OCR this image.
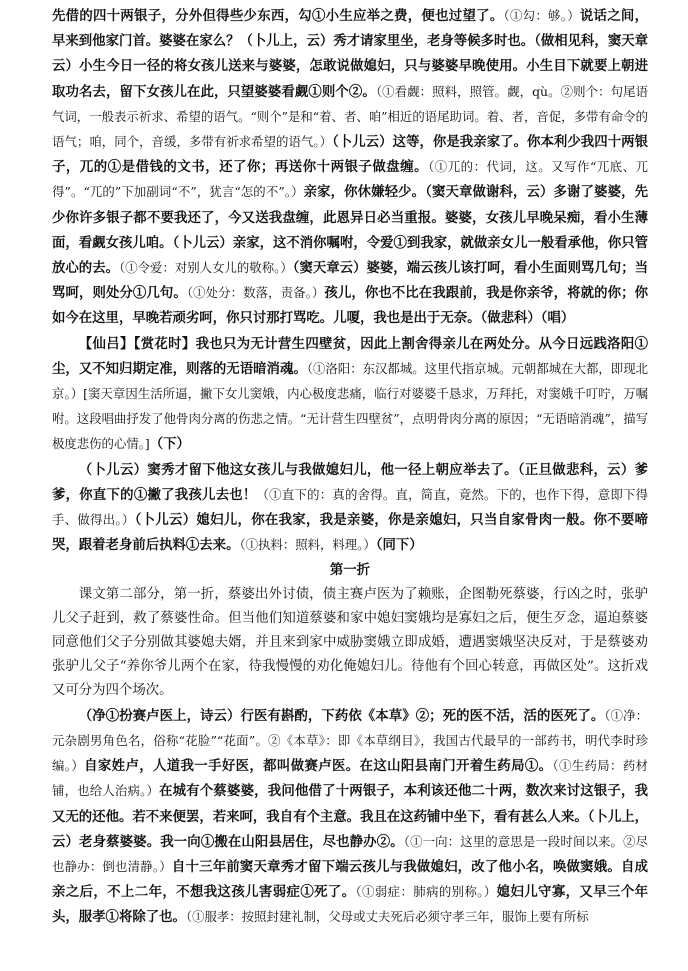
先借的四十两银子，分外但得些少东西，勾①小生应举之费，便也过望了。（①勾：够。）说话之间，早来到他家门首。婆婆在家么？（卜儿上，云）秀才请家里坐，老身等候多时也。（做相见科，窦天章云）小生今日一径的将女孩儿送来与婆婆，怎敢说做媳妇，只与婆婆早晚使用。小生目下就要上朝进取功名去，留下女孩儿在此，只望婆婆看觑①则个②。（①看觑：照料，照管。觑，qù。②则个：句尾语气词，一般表示祈求、希望的语气。“则个”是和“着、者、咱”相近的语尾助词。着、者，音促，多带有命令的语气；咱，同个，音缓，多带有祈求希望的语气。）（卜儿云）这等，你是我亲家了。你本利少我四十两银子，兀的①是借钱的文书，还了你；再送你十两银子做盘缠。（①兀的：代词，这。又写作“兀底、兀得”。“兀的”下加副词“不”，犹言“怎的不”。）亲家，你休嫌轻少。（窦天章做谢科，云）多谢了婆婆，先少你许多银子都不要我还了，今又送我盘缠，此恩异日必当重报。婆婆，女孩儿早晚呆痴，看小生薄面，看觑女孩儿咱。（卜儿云）亲家，这不消你嘱咐，令爱①到我家，就做亲女儿一般看承他，你只管放心的去。（①令爱：对别人女儿的敬称。）（窦天章云）婆婆，端云孩儿该打呵，看小生面则骂几句；当骂呵，则处分①几句。（①处分：数落，责备。）孩儿，你也不比在我跟前，我是你亲爷，将就的你；你如今在这里，早晚若顽劣呵，你只讨那打骂吃。儿嗄，我也是出于无奈。（做悲科）（唱）

【仙吕】【赏花时】我也只为无计营生四壁贫，因此上割舍得亲儿在两处分。从今日远践洛阳①尘，又不知归期定准，则落的无语暗消魂。（①洛阳：东汉都城。这里代指京城。元朝都城在大都，即现北京。）[窦天章因生活所逼，撇下女儿窦娥，内心极度悲痛，临行对婆婆千恳求，万拜托，对窦娥千叮咛，万嘱咐。这段唱曲抒发了他骨肉分离的伤悲之情。“无计营生四壁贫”，点明骨肉分离的原因；“无语暗消魂”，描写极度悲伤的心情。]（下）

（卜儿云）窦秀才留下他这女孩儿与我做媳妇儿，他一径上朝应举去了。（正旦做悲科，云）爹爹，你直下的①撇了我孩儿去也！（①直下的：真的舍得。直，简直，竟然。下的，也作下得，意即下得手、做得出。）（卜儿云）媳妇儿，你在我家，我是亲婆，你是亲媳妇，只当自家骨肉一般。你不要啼哭，跟着老身前后执料①去来。（①执料：照料，料理。）（同下）

第一折

课文第二部分，第一折，蔡婆出外讨债，债主赛卢医为了赖账，企图勒死蔡婆，行凶之时，张驴儿父子赶到，救了蔡婆性命。但当他们知道蔡婆和家中媳妇窦娥均是寡妇之后，便生歹念，逼迫蔡婆同意他们父子分别做其婆媳夫婿，并且来到家中威胁窦娥立即成婚，遭遇窦娥坚决反对，于是蔡婆劝张驴儿父子“养你爷儿两个在家，待我慢慢的劝化俺媳妇儿。待他有个回心转意，再做区处”。这折戏又可分为四个场次。

（净①扮赛卢医上，诗云）行医有斟酌，下药依《本草》②；死的医不活，活的医死了。（①净：元杂剧男角色名，俗称“花脸”“花面”。②《本草》：即《本草纲目》，我国古代最早的一部药书，明代李时珍编。）自家姓卢，人道我一手好医，都叫做赛卢医。在这山阳县南门开着生药局①。（①生药局：药材铺，也给人治病。）在城有个蔡婆婆，我问他借了十两银子，本利该还他二十两，数次来讨这银子，我又无的还他。若不来便罢，若来呵，我自有个主意。我且在这药铺中坐下，看有甚么人来。（卜儿上，云）老身蔡婆婆。我一向①搬在山阳县居住，尽也静办②。（①一向：这里的意思是一段时间以来。②尽也静办：倒也清静。）自十三年前窦天章秀才留下端云孩儿与我做媳妇，改了他小名，唤做窦娥。自成亲之后，不上二年，不想我这孩儿害弱症①死了。（①弱症：肺病的别称。）媳妇儿守寡，又早三个年头，服孝①将除了也。（①服孝：按照封建礼制，父母或丈夫死后必须守孝三年，服饰上要有所标
